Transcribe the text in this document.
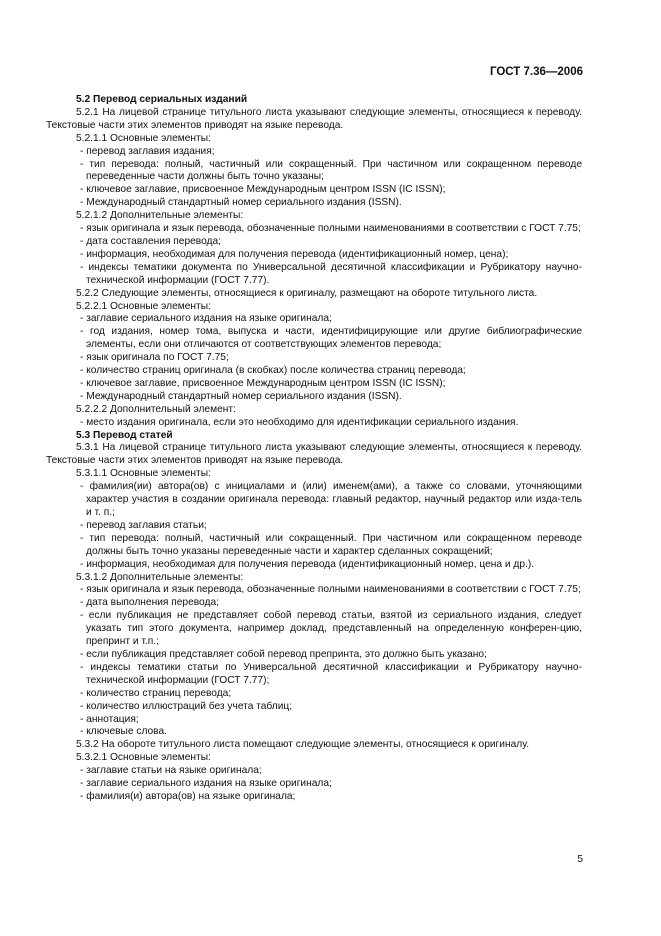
ГОСТ 7.36—2006

5.2 Перевод сериальных изданий

5.2.1 На лицевой странице титульного листа указывают следующие элементы, относящиеся к переводу. Текстовые части этих элементов приводят на языке перевода.

5.2.1.1 Основные элементы:

- перевод заглавия издания;

- тип перевода: полный, частичный или сокращенный. При частичном или сокращенном переводе переведенные части должны быть точно указаны;

- ключевое заглавие, присвоенное Международным центром ISSN (IC ISSN);

- Международный стандартный номер сериального издания (ISSN).

5.2.1.2 Дополнительные элементы:

- язык оригинала и язык перевода, обозначенные полными наименованиями в соответствии с ГОСТ 7.75;

- дата составления перевода;

- информация, необходимая для получения перевода (идентификационный номер, цена);

- индексы тематики документа по Универсальной десятичной классификации и Рубрикатору научно-технической информации (ГОСТ 7.77).

5.2.2 Следующие элементы, относящиеся к оригиналу, размещают на обороте титульного листа.

5.2.2.1 Основные элементы:

- заглавие сериального издания на языке оригинала;

- год издания, номер тома, выпуска и части, идентифицирующие или другие библиографические элементы, если они отличаются от соответствующих элементов перевода;

- язык оригинала по ГОСТ 7.75;

- количество страниц оригинала (в скобках) после количества страниц перевода;

- ключевое заглавие, присвоенное Международным центром ISSN (IC ISSN);

- Международный стандартный номер сериального издания (ISSN).

5.2.2.2 Дополнительный элемент:

- место издания оригинала, если это необходимо для идентификации сериального издания.

5.3 Перевод статей

5.3.1 На лицевой странице титульного листа указывают следующие элементы, относящиеся к переводу. Текстовые части этих элементов приводят на языке перевода.

5.3.1.1 Основные элементы:

- фамилия(ии) автора(ов) с инициалами и (или) именем(ами), а также со словами, уточняющими характер участия в создании оригинала перевода: главный редактор, научный редактор или изда-тель и т. п.;

- перевод заглавия статьи;

- тип перевода: полный, частичный или сокращенный. При частичном или сокращенном переводе должны быть точно указаны переведенные части и характер сделанных сокращений;

- информация, необходимая для получения перевода (идентификационный номер, цена и др.).

5.3.1.2 Дополнительные элементы:

- язык оригинала и язык перевода, обозначенные полными наименованиями в соответствии с ГОСТ 7.75;

- дата выполнения перевода;

- если публикация не представляет собой перевод статьи, взятой из сериального издания, следует указать тип этого документа, например доклад, представленный на определенную конферен-цию, препринт и т.п.;

- если публикация представляет собой перевод препринта, это должно быть указано;

- индексы тематики статьи по Универсальной десятичной классификации и Рубрикатору научно-технической информации (ГОСТ 7.77);

- количество страниц перевода;

- количество иллюстраций без учета таблиц;

- аннотация;

- ключевые слова.

5.3.2 На обороте титульного листа помещают следующие элементы, относящиеся к оригиналу.

5.3.2.1 Основные элементы:

- заглавие статьи на языке оригинала;

- заглавие сериального издания на языке оригинала;

- фамилия(и) автора(ов) на языке оригинала;

5
